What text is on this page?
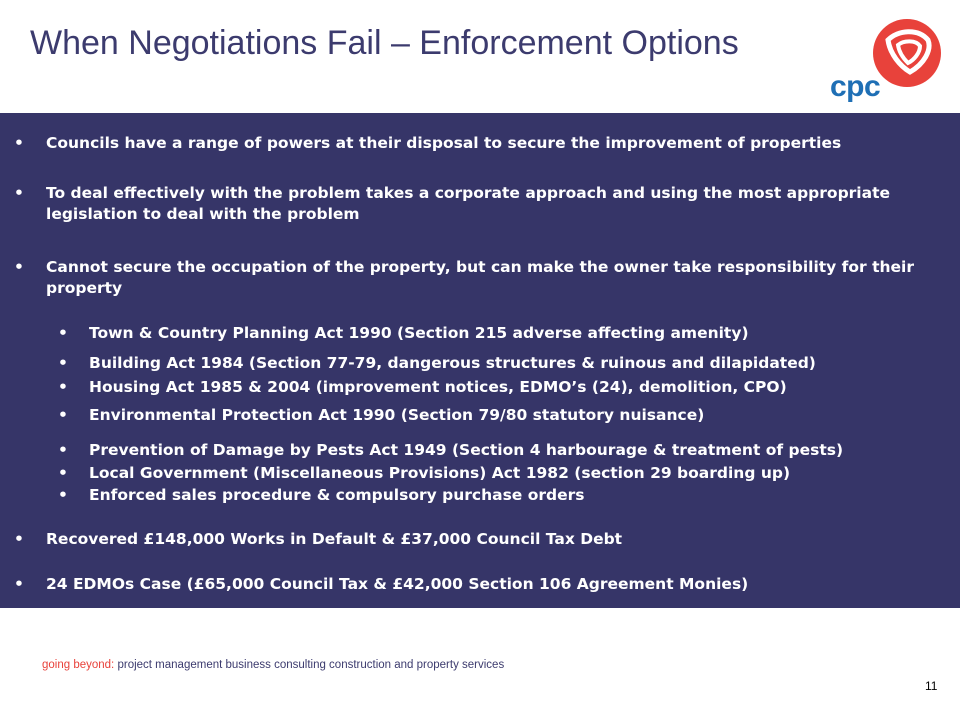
When Negotiations Fail – Enforcement Options
cpc
• Councils have a range of powers at their disposal to secure the improvement of properties
• To deal effectively with the problem takes a corporate approach and using the most appropriate legislation to deal with the problem
• Cannot secure the occupation of the property, but can make the owner take responsibility for their property
• Town & Country Planning Act 1990 (Section 215 adverse affecting amenity)
• Building Act 1984 (Section 77-79, dangerous structures & ruinous and dilapidated)
• Housing Act 1985 & 2004 (improvement notices, EDMO’s (24), demolition, CPO)
• Environmental Protection Act 1990 (Section 79/80 statutory nuisance)
• Prevention of Damage by Pests Act 1949 (Section 4 harbourage & treatment of pests)
• Local Government (Miscellaneous Provisions) Act 1982 (section 29 boarding up)
• Enforced sales procedure & compulsory purchase orders
• Recovered £148,000 Works in Default & £37,000 Council Tax Debt
• 24 EDMOs Case (£65,000 Council Tax & £42,000 Section 106 Agreement Monies)
going beyond: project management business consulting construction and property services
11
